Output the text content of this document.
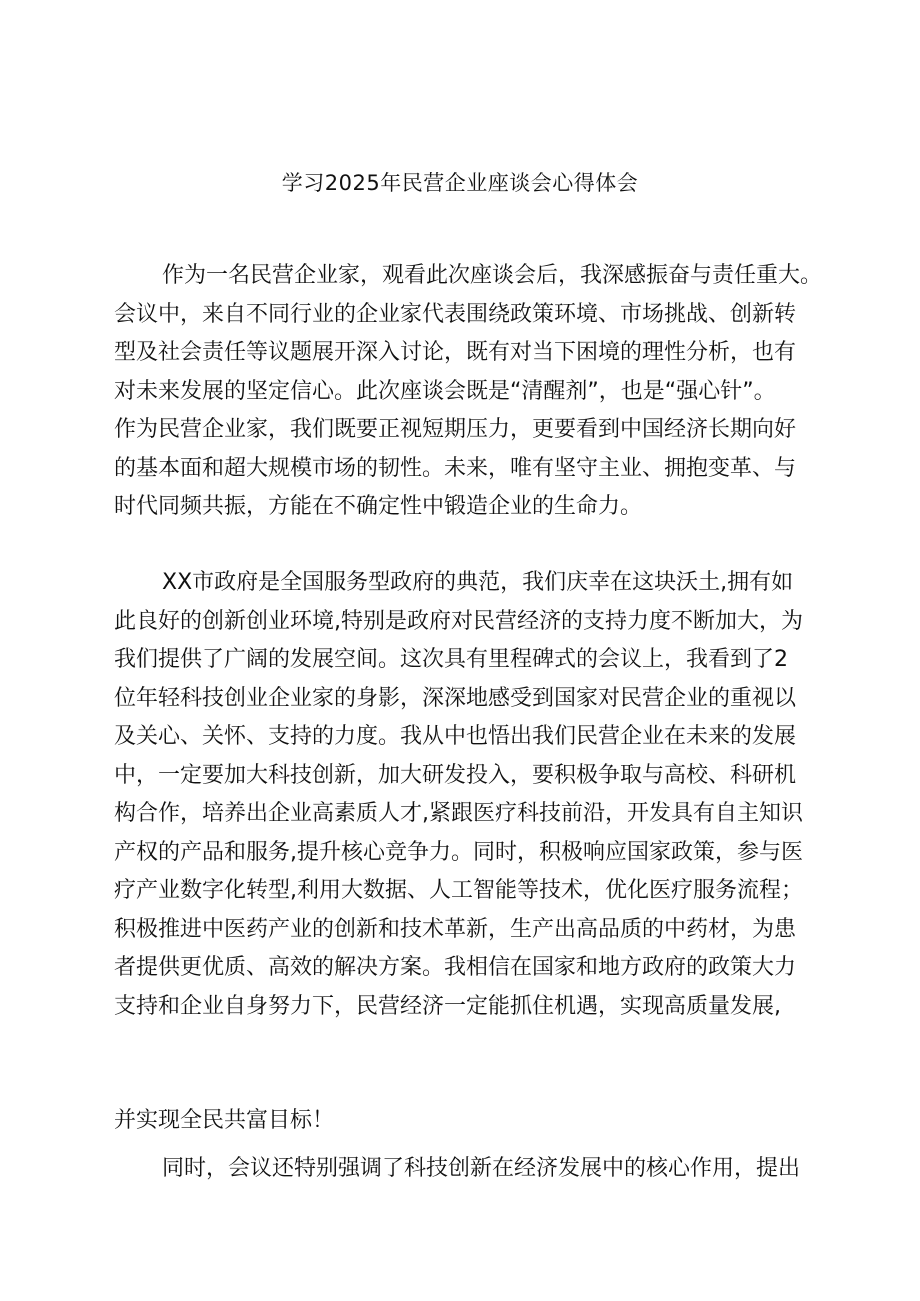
学习2025年民营企业座谈会心得体会
作为一名民营企业家，观看此次座谈会后，我深感振奋与责任重大。
会议中，来自不同行业的企业家代表围绕政策环境、市场挑战、创新转
型及社会责任等议题展开深入讨论，既有对当下困境的理性分析，也有
对未来发展的坚定信心。此次座谈会既是“清醒剂”，也是“强心针”。
作为民营企业家，我们既要正视短期压力，更要看到中国经济长期向好
的基本面和超大规模市场的韧性。未来，唯有坚守主业、拥抱变革、与
时代同频共振，方能在不确定性中锻造企业的生命力。
XX市政府是全国服务型政府的典范，我们庆幸在这块沃土,拥有如
此良好的创新创业环境,特别是政府对民营经济的支持力度不断加大，为
我们提供了广阔的发展空间。这次具有里程碑式的会议上，我看到了2
位年轻科技创业企业家的身影，深深地感受到国家对民营企业的重视以
及关心、关怀、支持的力度。我从中也悟出我们民营企业在未来的发展
中，一定要加大科技创新，加大研发投入，要积极争取与高校、科研机
构合作，培养出企业高素质人才,紧跟医疗科技前沿，开发具有自主知识
产权的产品和服务,提升核心竞争力。同时，积极响应国家政策，参与医
疗产业数字化转型,利用大数据、人工智能等技术，优化医疗服务流程；
积极推进中医药产业的创新和技术革新，生产出高品质的中药材，为患
者提供更优质、高效的解决方案。我相信在国家和地方政府的政策大力
支持和企业自身努力下，民营经济一定能抓住机遇，实现高质量发展,
并实现全民共富目标！
同时，会议还特别强调了科技创新在经济发展中的核心作用，提出
